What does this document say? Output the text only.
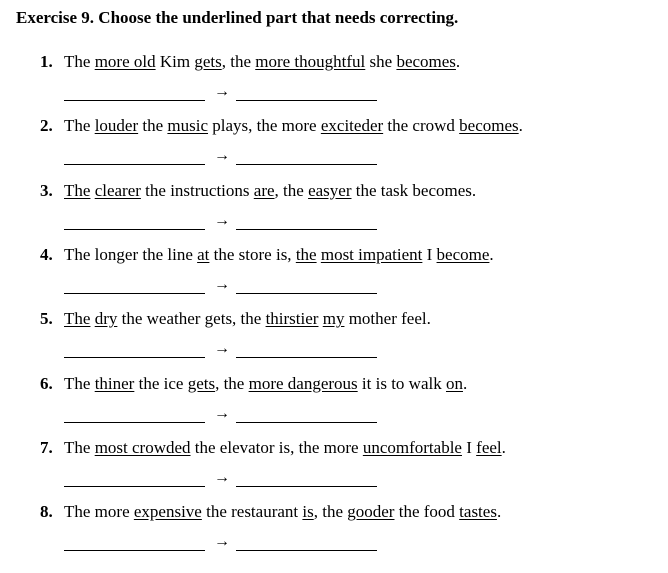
Exercise 9. Choose the underlined part that needs correcting.
1. The more old Kim gets, the more thoughtful she becomes.
→
2. The louder the music plays, the more exciteder the crowd becomes.
→
3. The clearer the instructions are, the easyer the task becomes.
→
4. The longer the line at the store is, the most impatient I become.
→
5. The dry the weather gets, the thirstier my mother feel.
→
6. The thiner the ice gets, the more dangerous it is to walk on.
→
7. The most crowded the elevator is, the more uncomfortable I feel.
→
8. The more expensive the restaurant is, the gooder the food tastes.
→
